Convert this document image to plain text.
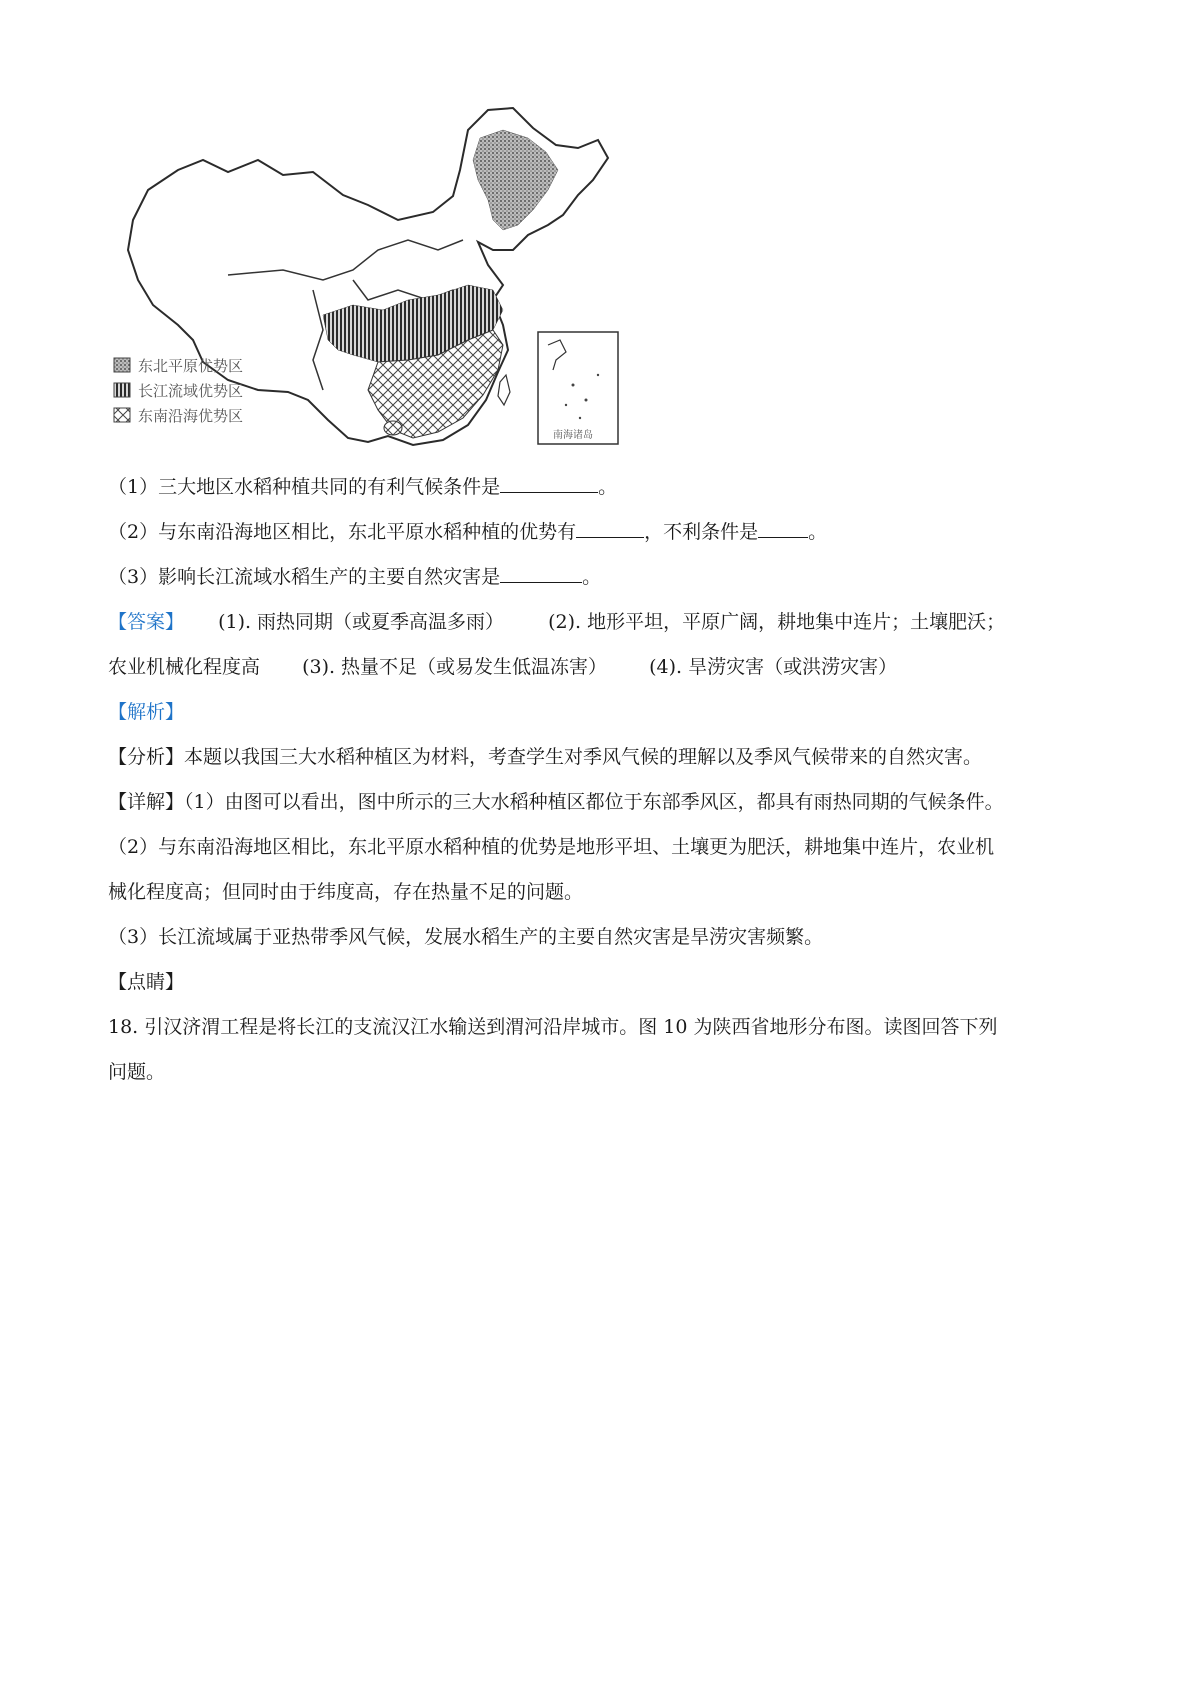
东北平原优势区
长江流域优势区
东南沿海优势区
南海诸岛
（1）三大地区水稻种植共同的有利气候条件是	。
（2）与东南沿海地区相比，东北平原水稻种植的优势有	，不利条件是	。
（3）影响长江流域水稻生产的主要自然灾害是	。
【答案】 (1). 雨热同期（或夏季高温多雨） (2). 地形平坦，平原广阔，耕地集中连片；土壤肥沃；
农业机械化程度高 (3). 热量不足（或易发生低温冻害） (4). 旱涝灾害（或洪涝灾害）
【解析】
【分析】本题以我国三大水稻种植区为材料，考查学生对季风气候的理解以及季风气候带来的自然灾害。
【详解】（1）由图可以看出，图中所示的三大水稻种植区都位于东部季风区，都具有雨热同期的气候条件。
（2）与东南沿海地区相比，东北平原水稻种植的优势是地形平坦、土壤更为肥沃，耕地集中连片，农业机
械化程度高；但同时由于纬度高，存在热量不足的问题。
（3）长江流域属于亚热带季风气候，发展水稻生产的主要自然灾害是旱涝灾害频繁。
【点睛】
18. 引汉济渭工程是将长江的支流汉江水输送到渭河沿岸城市。图 10 为陕西省地形分布图。读图回答下列
问题。
